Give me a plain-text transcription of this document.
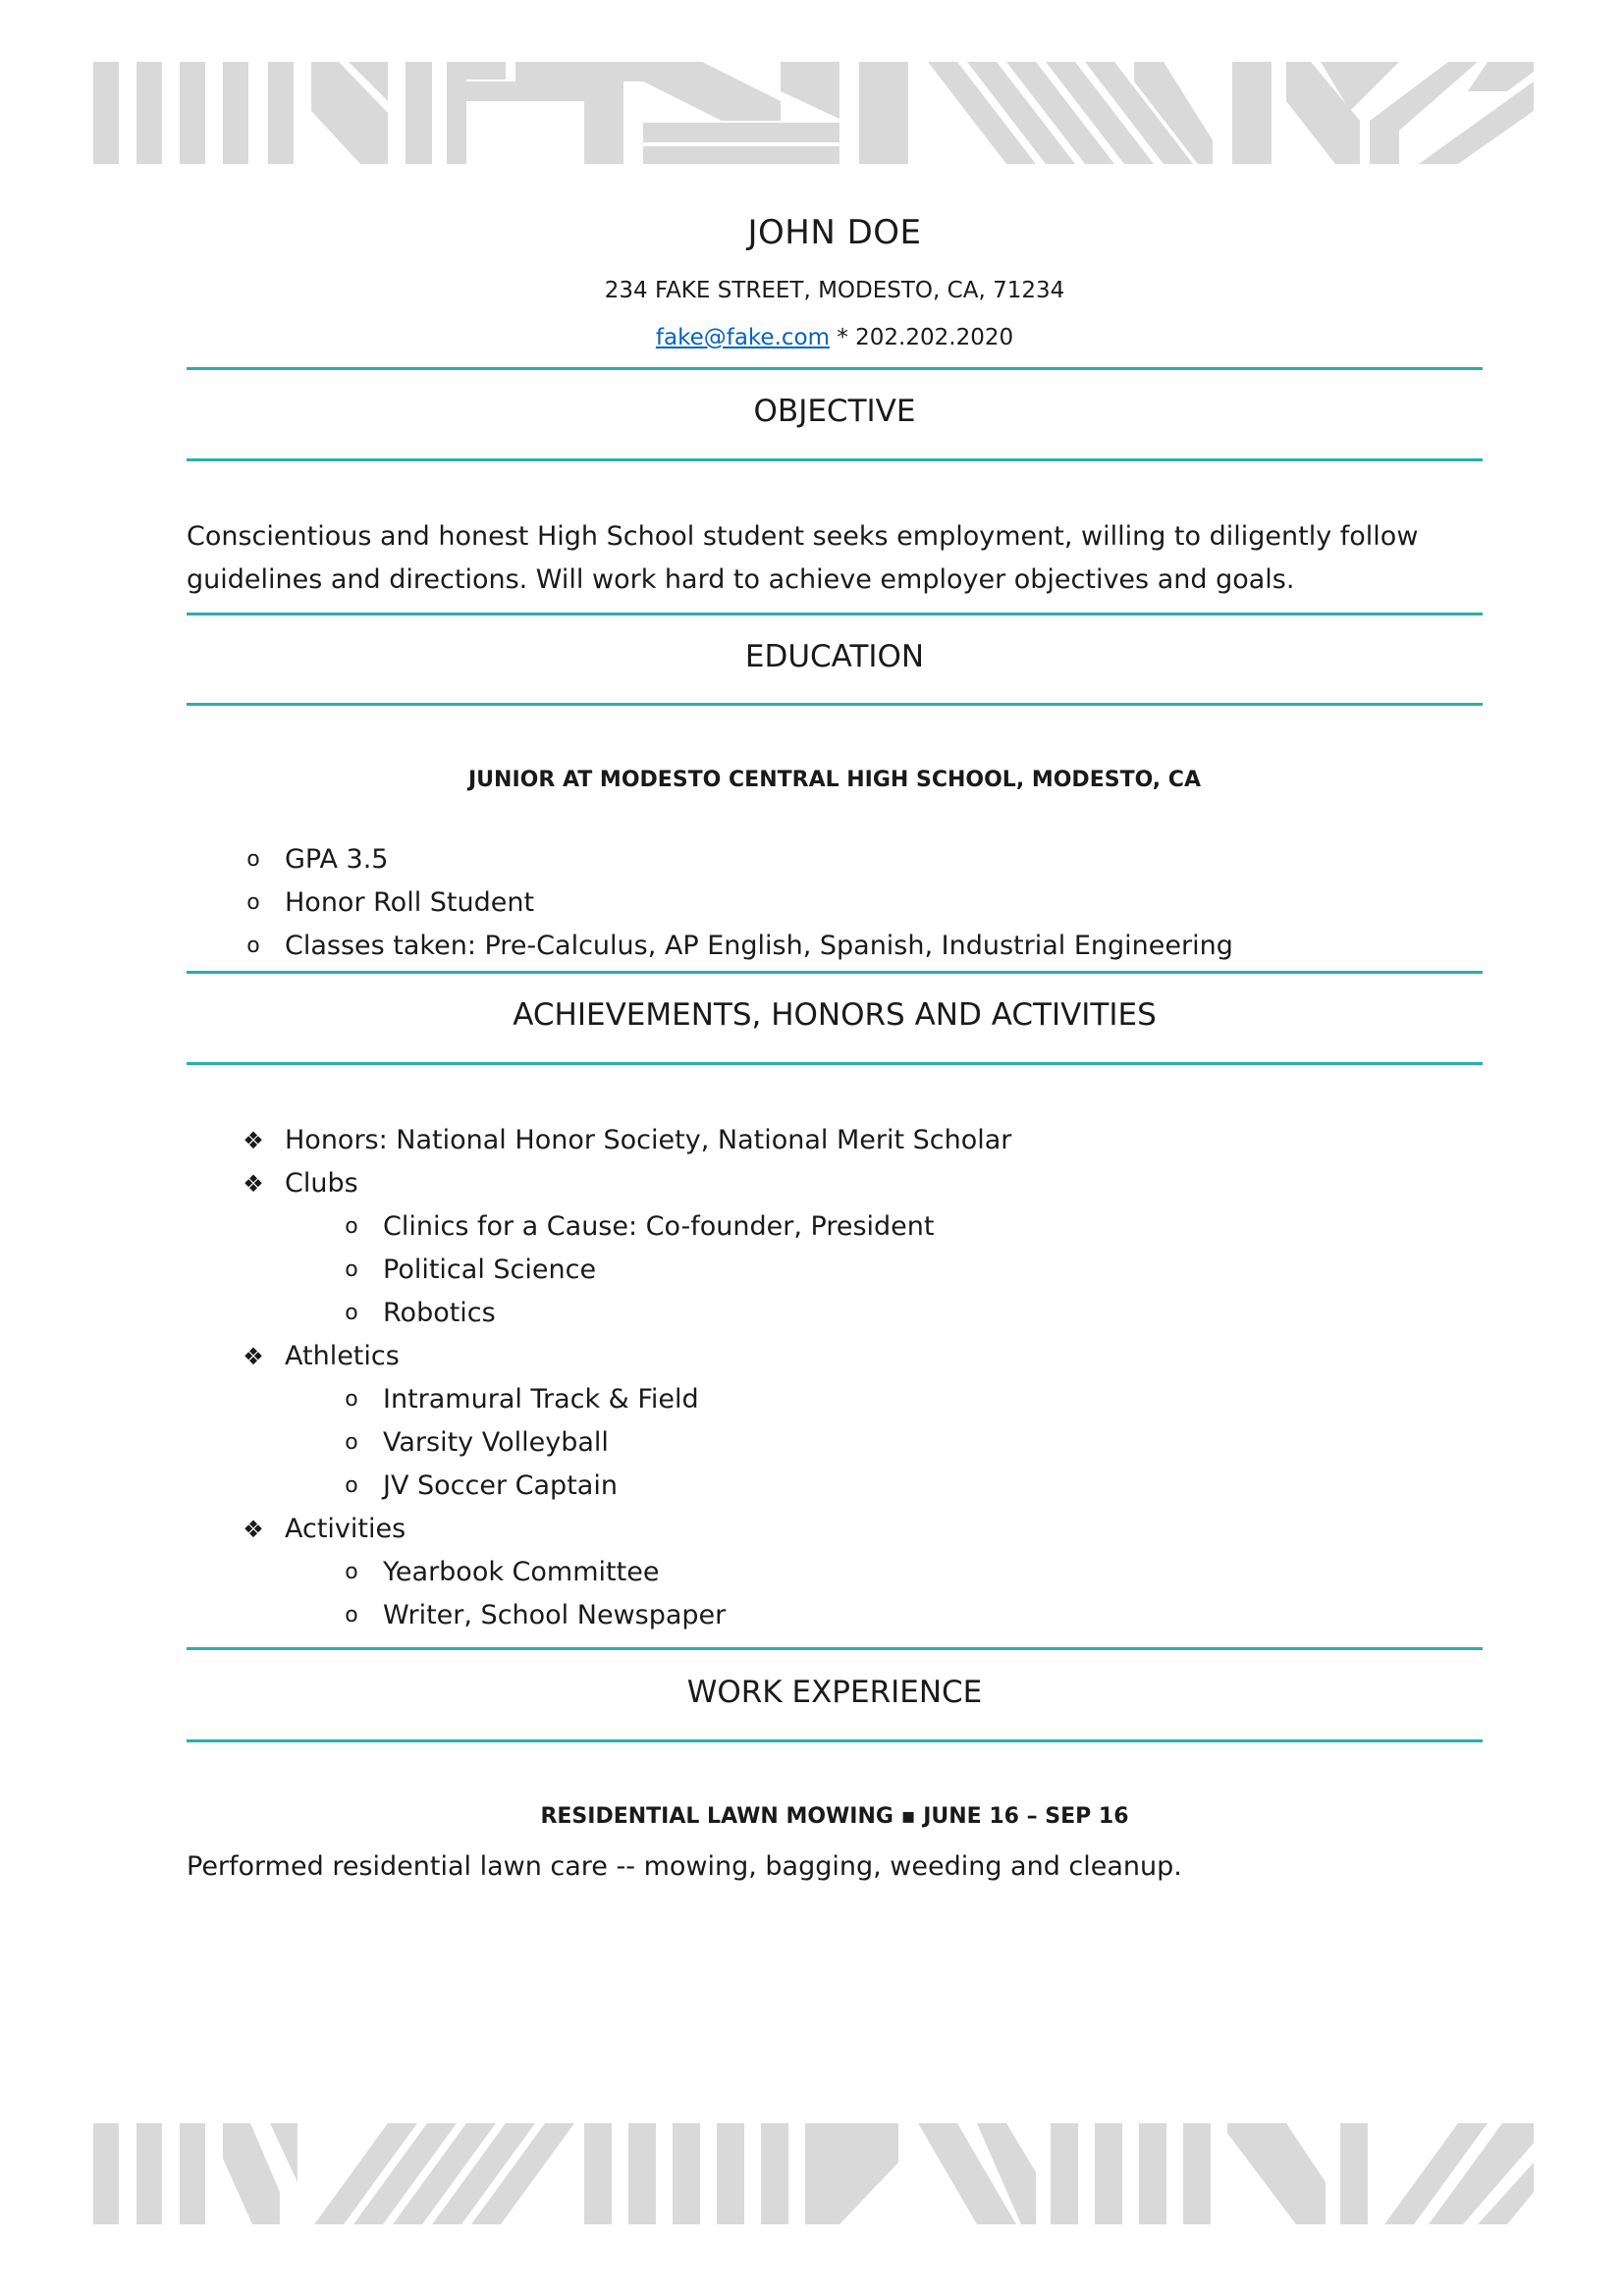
JOHN DOE
234 FAKE STREET, MODESTO, CA, 71234
fake@fake.com * 202.202.2020
OBJECTIVE
Conscientious and honest High School student seeks employment, willing to diligently follow guidelines and directions. Will work hard to achieve employer objectives and goals.
EDUCATION
JUNIOR AT MODESTO CENTRAL HIGH SCHOOL, MODESTO, CA
o GPA 3.5
o Honor Roll Student
o Classes taken: Pre-Calculus, AP English, Spanish, Industrial Engineering
ACHIEVEMENTS, HONORS AND ACTIVITIES
❖ Honors: National Honor Society, National Merit Scholar
❖ Clubs
o Clinics for a Cause: Co-founder, President
o Political Science
o Robotics
❖ Athletics
o Intramural Track & Field
o Varsity Volleyball
o JV Soccer Captain
❖ Activities
o Yearbook Committee
o Writer, School Newspaper
WORK EXPERIENCE
RESIDENTIAL LAWN MOWING ▪ JUNE 16 – SEP 16
Performed residential lawn care -- mowing, bagging, weeding and cleanup.
